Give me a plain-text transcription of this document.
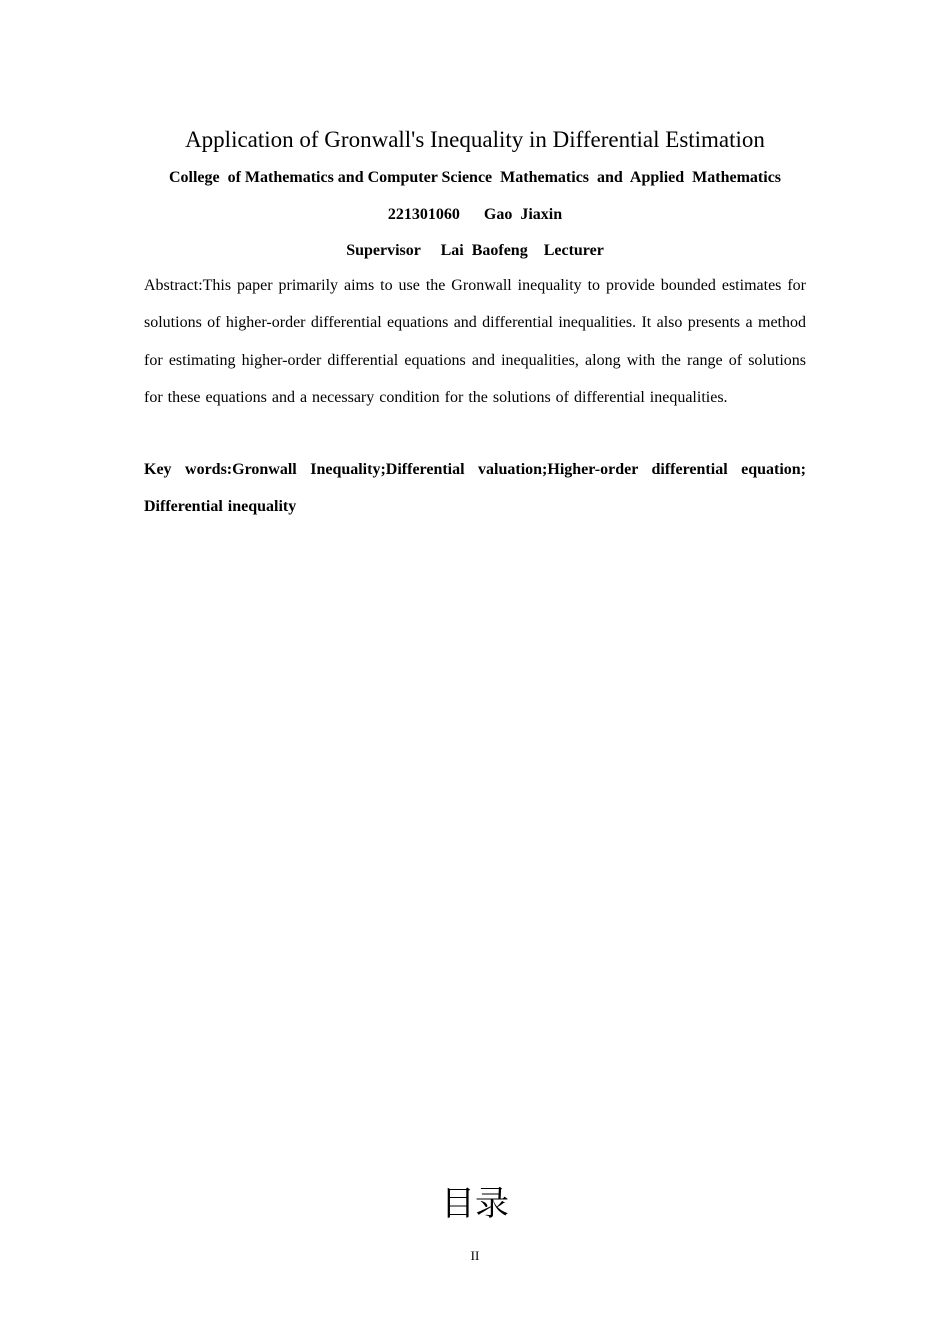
Application of Gronwall's Inequality in Differential Estimation
College  of Mathematics and Computer Science  Mathematics  and  Applied  Mathematics
221301060      Gao  Jiaxin
Supervisor     Lai  Baofeng    Lecturer
Abstract:This paper primarily aims to use the Gronwall inequality to provide bounded estimates for solutions of higher-order differential equations and differential inequalities. It also presents a method for estimating higher-order differential equations and inequalities, along with the range of solutions for these equations and a necessary condition for the solutions of differential inequalities.
Key words:Gronwall Inequality;Differential valuation;Higher-order differential equation; Differential inequality
目录
II
